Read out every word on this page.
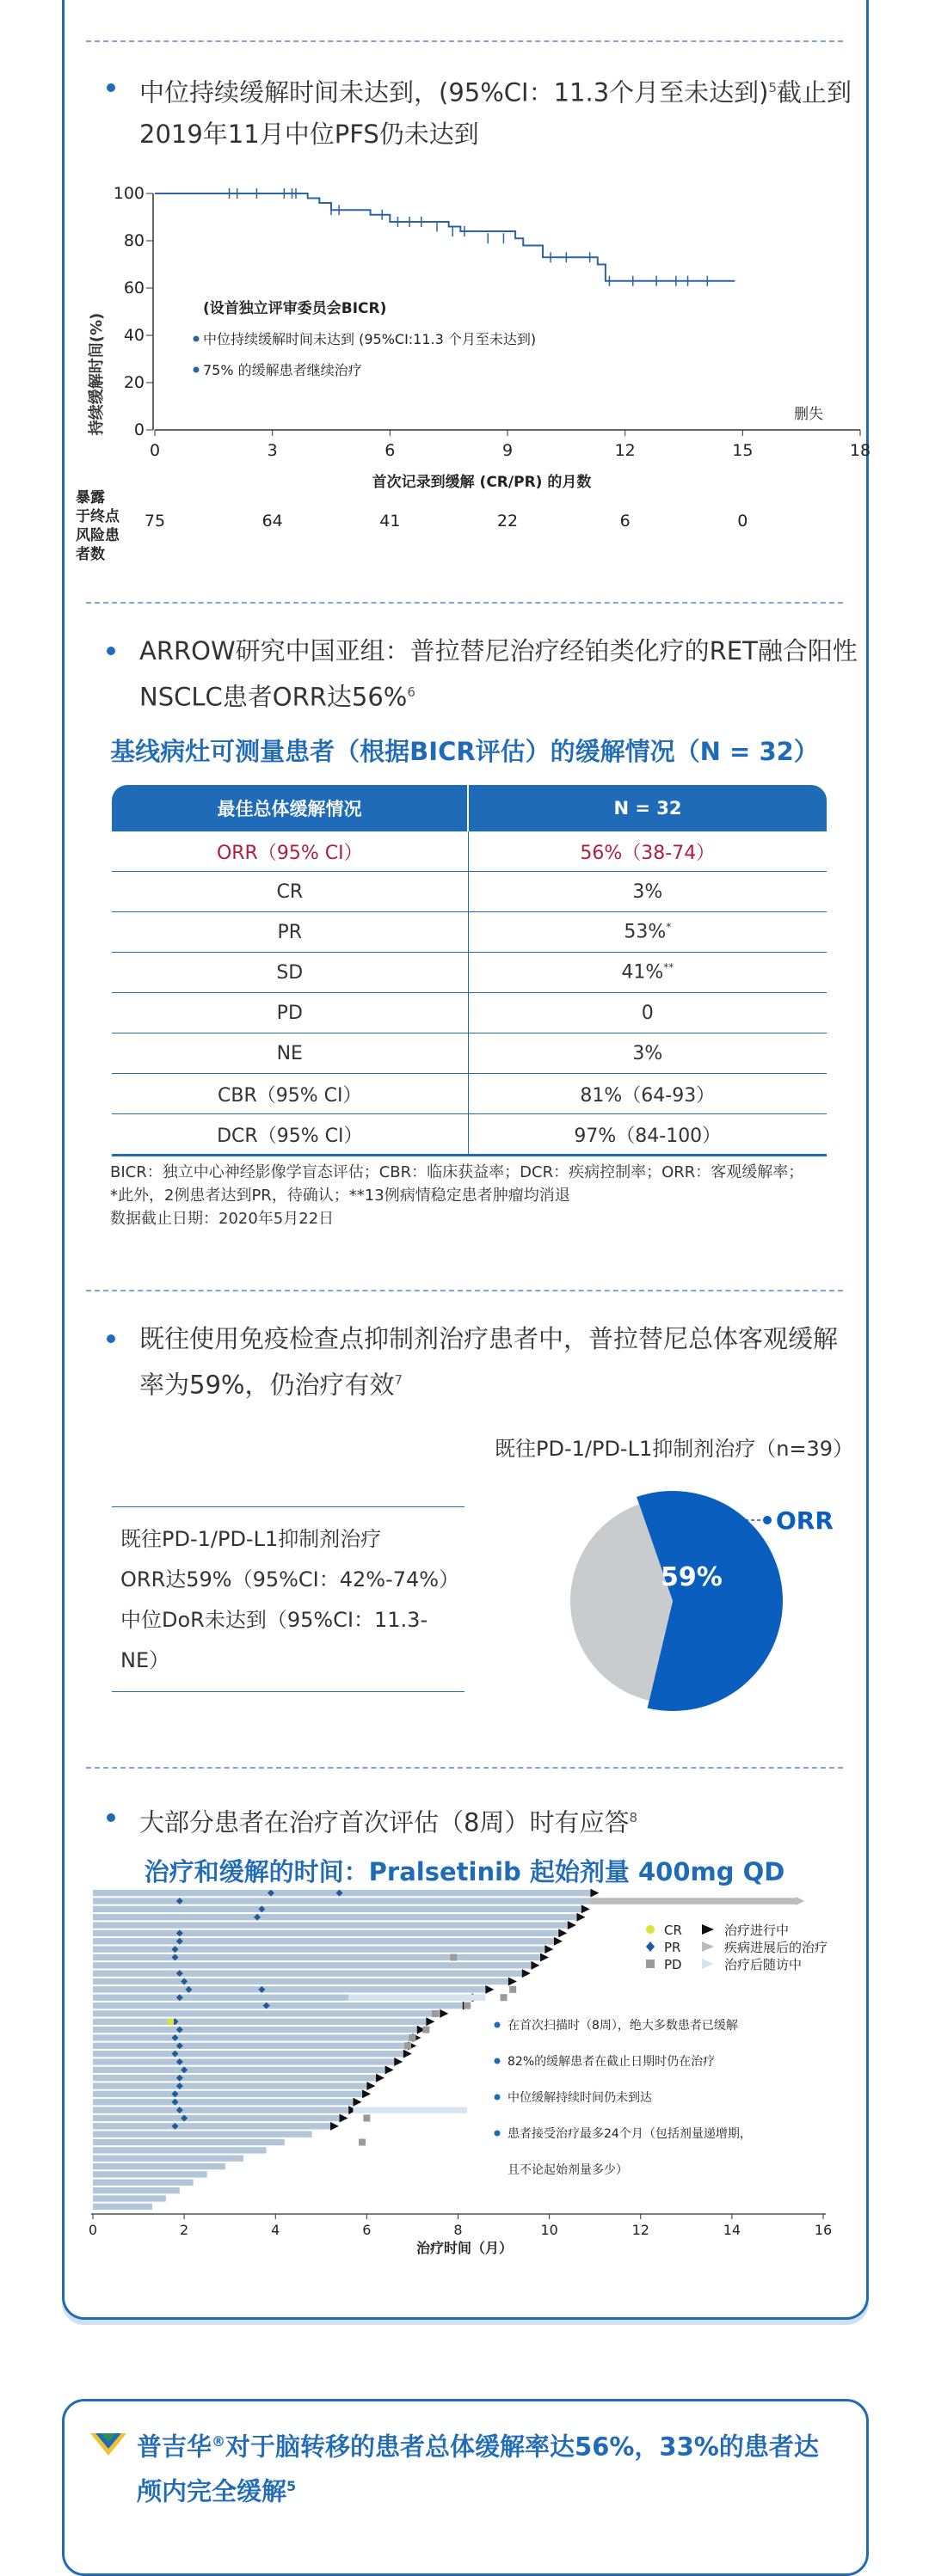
中位持续缓解时间未达到，(95%CI：11.3个月至未达到)$^5$截止到2019年11月中位PFS仍未达到
持续缓解时间(%)
100
80
60
40
20
0
0	3	6	9	12	15	18
(设首独立评审委员会BICR)
中位持续缓解时间未达到 (95%CI:11.3 个月至未达到)
75% 的缓解患者继续治疗
删失
首次记录到缓解 (CR/PR) 的月数
暴露
于终点
风险患
者数
75	64	41	22	6	0
ARROW研究中国亚组：普拉替尼治疗经铂类化疗的RET融合阳性NSCLC患者ORR达56%$^6$
基线病灶可测量患者（根据BICR评估）的缓解情况（N = 32）
最佳总体缓解情况	N = 32
ORR（95% CI）	56%（38-74）
CR	3%
PR	53%*
SD	41%**
PD	0
NE	3%
CBR（95% CI）	81%（64-93）
DCR（95% CI）	97%（84-100）
BICR：独立中心神经影像学盲态评估；CBR：临床获益率；DCR：疾病控制率；ORR：客观缓解率；
*此外，2例患者达到PR，待确认；**13例病情稳定患者肿瘤均消退
数据截止日期：2020年5月22日
既往使用免疫检查点抑制剂治疗患者中，普拉替尼总体客观缓解率为59%，仍治疗有效$^7$
既往PD-1/PD-L1抑制剂治疗（n=39）
既往PD-1/PD-L1抑制剂治疗
ORR达59%（95%CI：42%-74%）
中位DoR未达到（95%CI：11.3-NE）
59%
ORR
大部分患者在治疗首次评估（8周）时有应答$^8$
治疗和缓解的时间：Pralsetinib 起始剂量 400mg QD
0	2	4	6	8	10	12	14	16
治疗时间（月）
CR
PR
PD
治疗进行中
疾病进展后的治疗
治疗后随访中
在首次扫描时（8周），绝大多数患者已缓解
82%的缓解患者在截止日期时仍在治疗
中位缓解持续时间仍未到达
患者接受治疗最多24个月（包括剂量递增期，
且不论起始剂量多少）
普吉华®对于脑转移的患者总体缓解率达56%，33%的患者达颅内完全缓解$^5$
